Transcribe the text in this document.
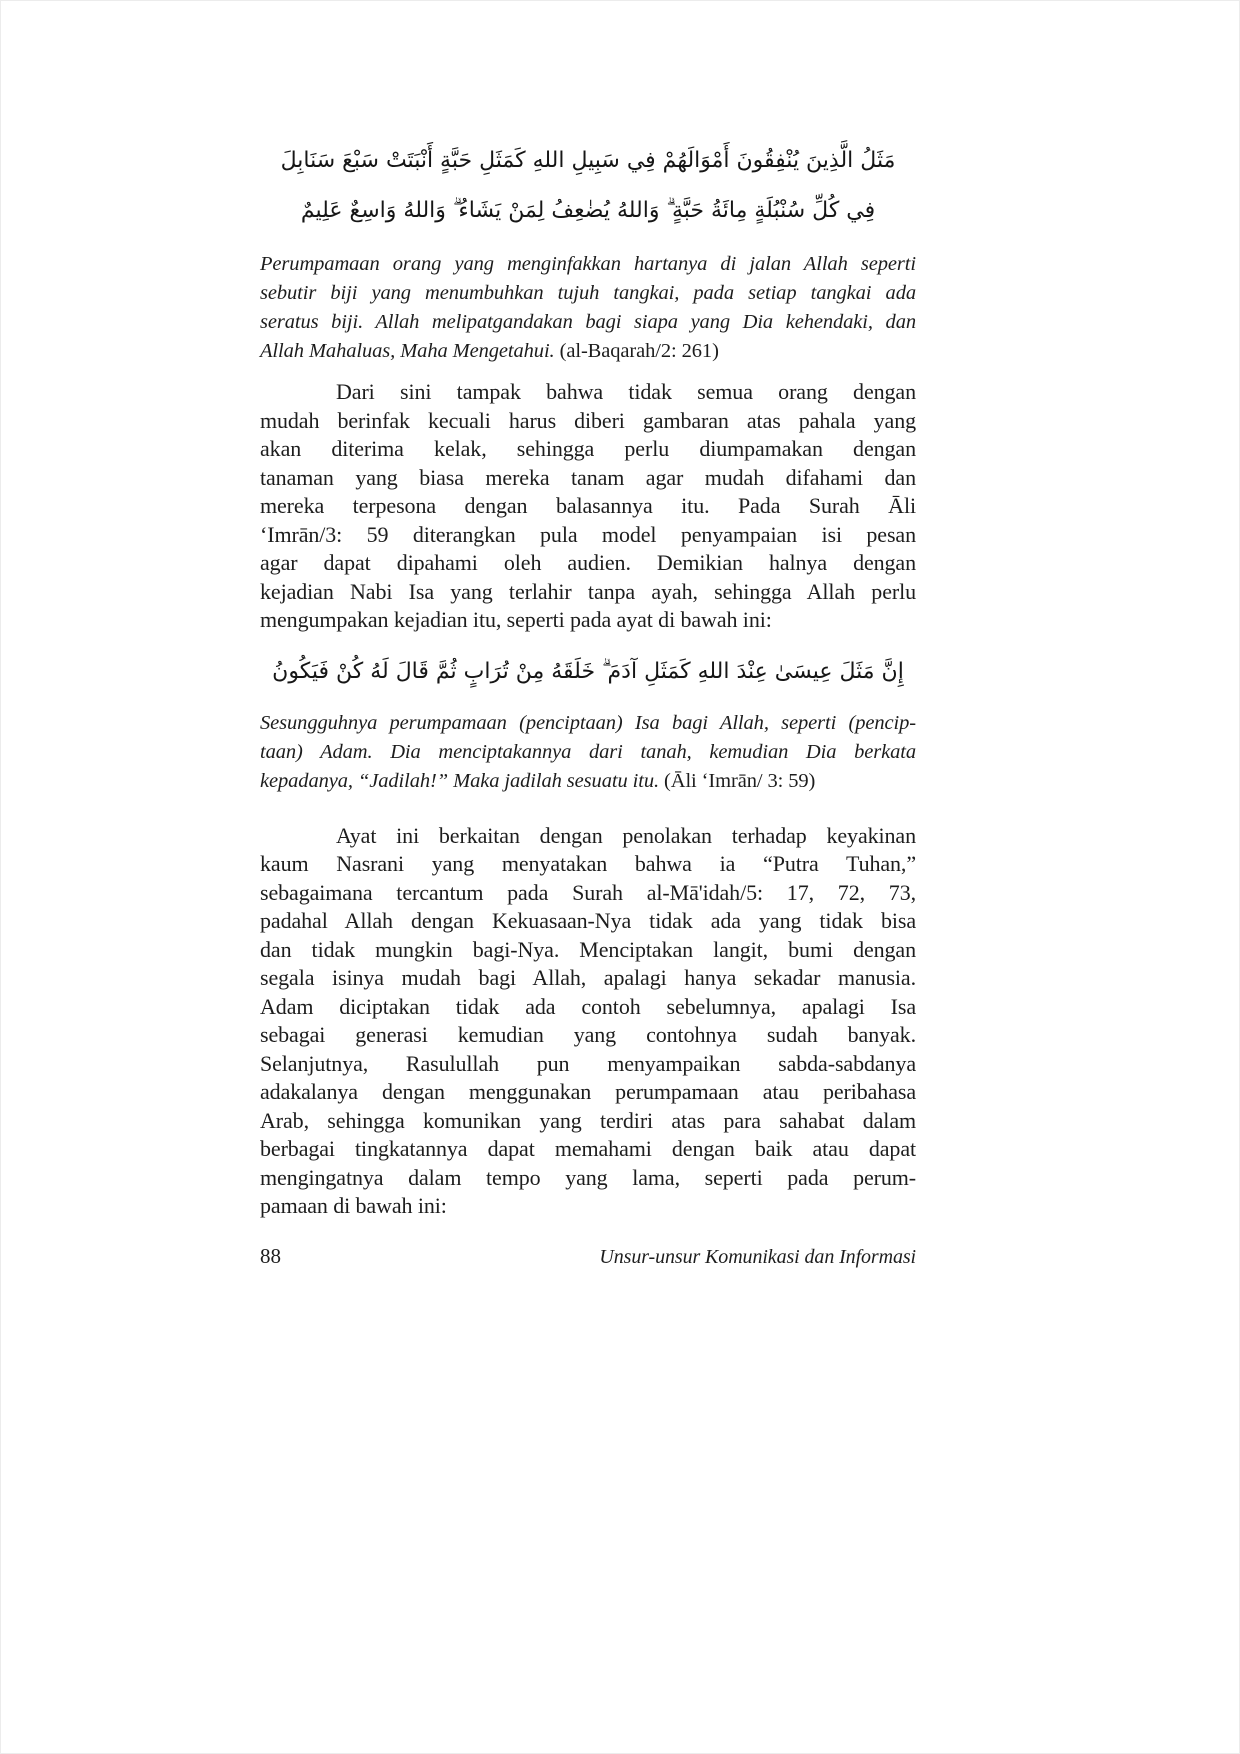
مَثَلُ الَّذِينَ يُنْفِقُونَ أَمْوَالَهُمْ فِي سَبِيلِ اللهِ كَمَثَلِ حَبَّةٍ أَنْبَتَتْ سَبْعَ سَنَابِلَ
فِي كُلِّ سُنْبُلَةٍ مِائَةُ حَبَّةٍ ۗ وَاللهُ يُضٰعِفُ لِمَنْ يَشَاءُ ۗ وَاللهُ وَاسِعٌ عَلِيمٌ
Perumpamaan orang yang menginfakkan hartanya di jalan Allah seperti
sebutir biji yang menumbuhkan tujuh tangkai, pada setiap tangkai ada
seratus biji. Allah melipatgandakan bagi siapa yang Dia kehendaki, dan
Allah Mahaluas, Maha Mengetahui. (al-Baqarah/2: 261)
Dari sini tampak bahwa tidak semua orang dengan
mudah berinfak kecuali harus diberi gambaran atas pahala yang
akan diterima kelak, sehingga perlu diumpamakan dengan
tanaman yang biasa mereka tanam agar mudah difahami dan
mereka terpesona dengan balasannya itu. Pada Surah Āli
‘Imrān/3: 59 diterangkan pula model penyampaian isi pesan
agar dapat dipahami oleh audien. Demikian halnya dengan
kejadian Nabi Isa yang terlahir tanpa ayah, sehingga Allah perlu
mengumpakan kejadian itu, seperti pada ayat di bawah ini:
إِنَّ مَثَلَ عِيسَىٰ عِنْدَ اللهِ كَمَثَلِ آدَمَ ۗ خَلَقَهُ مِنْ تُرَابٍ ثُمَّ قَالَ لَهُ كُنْ فَيَكُونُ
Sesungguhnya perumpamaan (penciptaan) Isa bagi Allah, seperti (pencip-
taan) Adam. Dia menciptakannya dari tanah, kemudian Dia berkata
kepadanya, “Jadilah!” Maka jadilah sesuatu itu. (Āli ‘Imrān/ 3: 59)
Ayat ini berkaitan dengan penolakan terhadap keyakinan
kaum Nasrani yang menyatakan bahwa ia “Putra Tuhan,”
sebagaimana tercantum pada Surah al-Mā'idah/5: 17, 72, 73,
padahal Allah dengan Kekuasaan-Nya tidak ada yang tidak bisa
dan tidak mungkin bagi-Nya. Menciptakan langit, bumi dengan
segala isinya mudah bagi Allah, apalagi hanya sekadar manusia.
Adam diciptakan tidak ada contoh sebelumnya, apalagi Isa
sebagai generasi kemudian yang contohnya sudah banyak.
Selanjutnya, Rasulullah pun menyampaikan sabda-sabdanya
adakalanya dengan menggunakan perumpamaan atau peribahasa
Arab, sehingga komunikan yang terdiri atas para sahabat dalam
berbagai tingkatannya dapat memahami dengan baik atau dapat
mengingatnya dalam tempo yang lama, seperti pada perum-
pamaan di bawah ini:
88	Unsur-unsur Komunikasi dan Informasi
